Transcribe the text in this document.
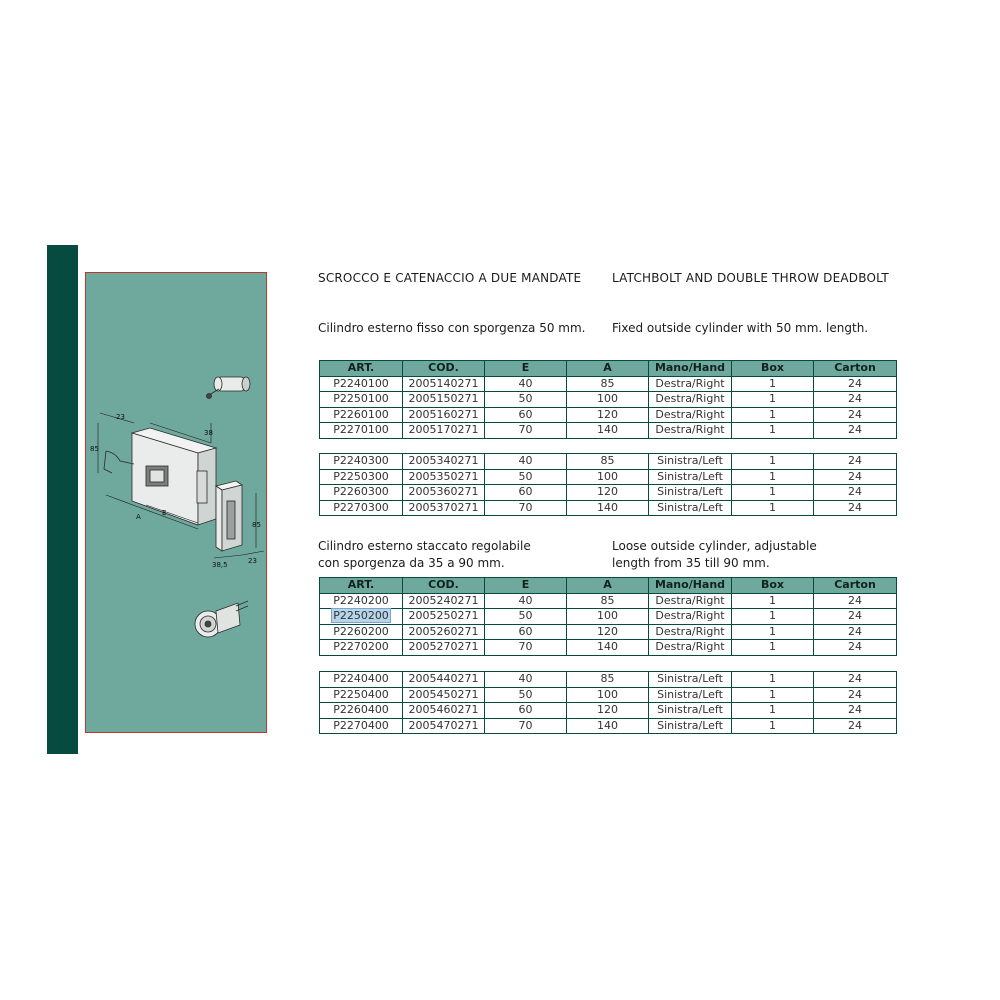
23
85
38
A	E
85
38,5	23
SCROCCO E CATENACCIO A DUE MANDATE	LATCHBOLT AND DOUBLE THROW DEADBOLT
Cilindro esterno fisso con sporgenza 50 mm. Fixed outside cylinder with 50 mm. length.
ART.	COD.	E	A	Mano/Hand	Box	Carton
P2240100	2005140271	40	85	Destra/Right	1	24
P2250100	2005150271	50	100	Destra/Right	1	24
P2260100	2005160271	60	120	Destra/Right	1	24
P2270100	2005170271	70	140	Destra/Right	1	24
P2240300	2005340271	40	85	Sinistra/Left	1	24
P2250300	2005350271	50	100	Sinistra/Left	1	24
P2260300	2005360271	60	120	Sinistra/Left	1	24
P2270300	2005370271	70	140	Sinistra/Left	1	24
Cilindro esterno staccato regolabile
con sporgenza da 35 a 90 mm.
Loose outside cylinder, adjustable
length from 35 till 90 mm.
ART.	COD.	E	A	Mano/Hand	Box	Carton
P2240200	2005240271	40	85	Destra/Right	1	24
P2250200	2005250271	50	100	Destra/Right	1	24
P2260200	2005260271	60	120	Destra/Right	1	24
P2270200	2005270271	70	140	Destra/Right	1	24
P2240400	2005440271	40	85	Sinistra/Left	1	24
P2250400	2005450271	50	100	Sinistra/Left	1	24
P2260400	2005460271	60	120	Sinistra/Left	1	24
P2270400	2005470271	70	140	Sinistra/Left	1	24
